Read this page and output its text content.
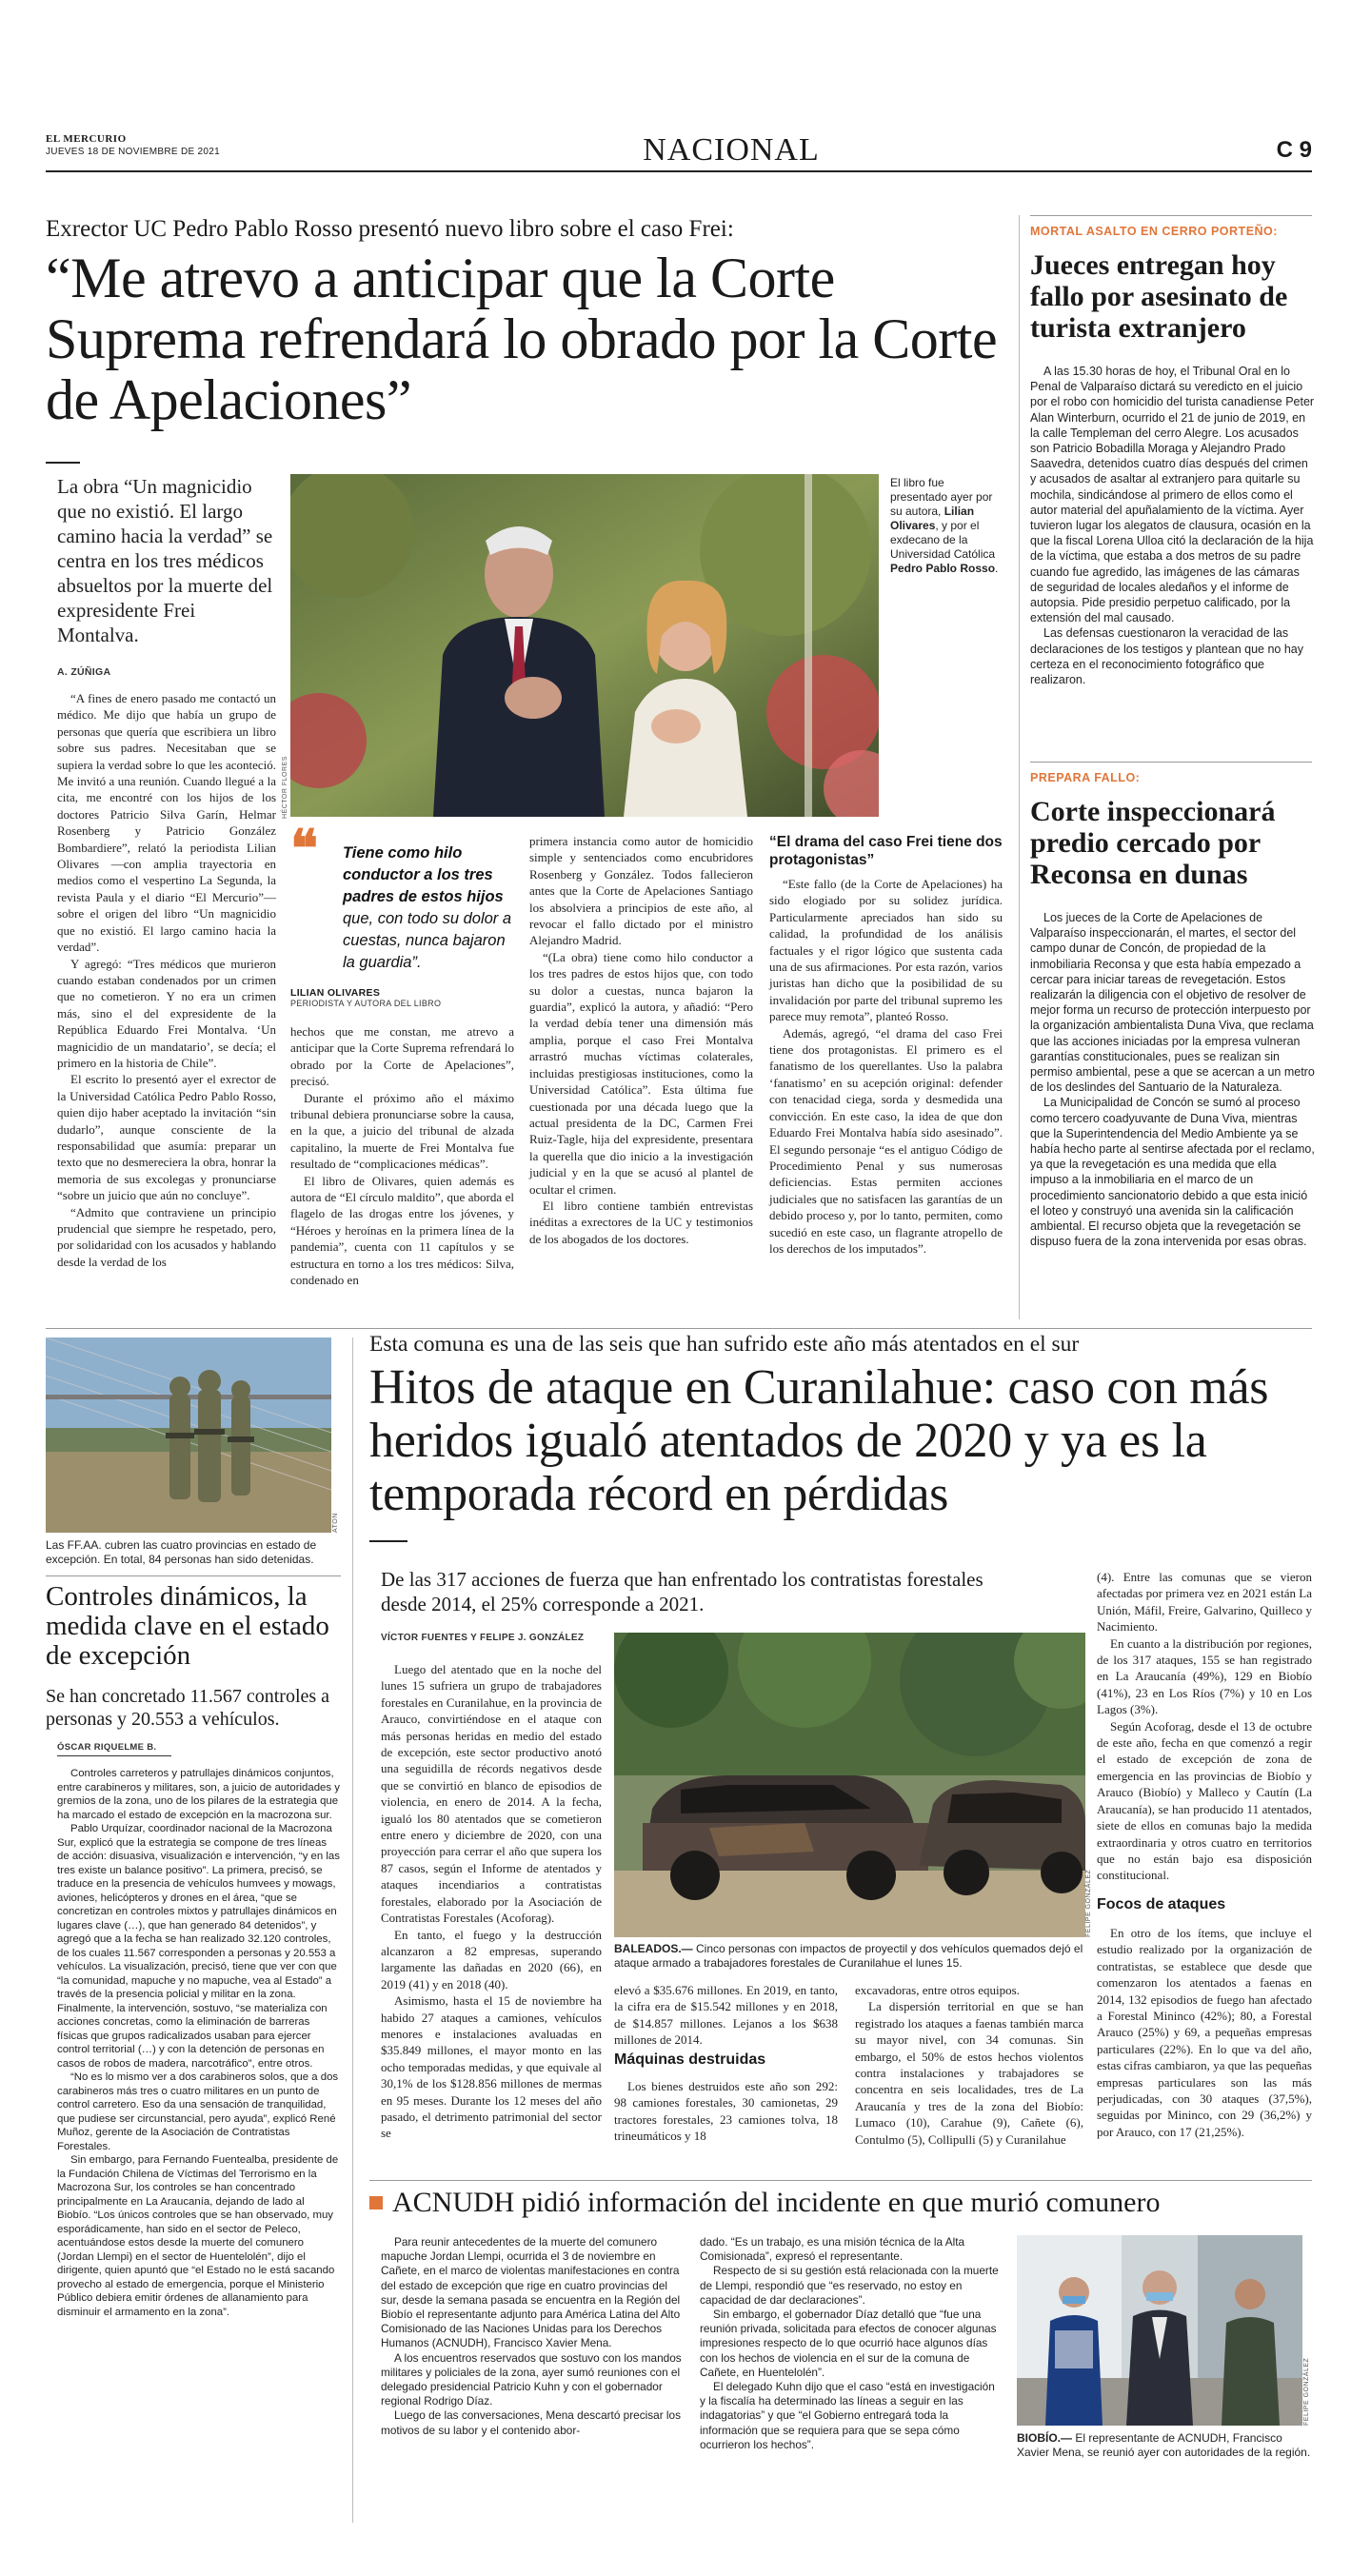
EL MERCURIO
JUEVES 18 DE NOVIEMBRE DE 2021	NACIONAL	C 9
Exrector UC Pedro Pablo Rosso presentó nuevo libro sobre el caso Frei:
“Me atrevo a anticipar que la Corte Suprema refrendará lo obrado por la Corte de Apelaciones”
La obra “Un magnicidio que no existió. El largo camino hacia la verdad” se centra en los tres médicos absueltos por la muerte del expresidente Frei Montalva.
A. ZÚÑIGA
HÉCTOR FLORES
El libro fue presentado ayer por su autora, Lilian Olivares, y por el exdecano de la Universidad Católica Pedro Pablo Rosso.

“A fines de enero pasado me contactó un médico. Me dijo que había un grupo de personas que quería que escribiera un libro sobre sus padres. Necesitaban que se supiera la verdad sobre lo que les aconteció. Me invitó a una reunión. Cuando llegué a la cita, me encontré con los hijos de los doctores Patricio Silva Garín, Helmar Rosenberg y Patricio González Bombardiere”, relató la periodista Lilian Olivares —con amplia trayectoria en medios como el vespertino La Segunda, la revista Paula y el diario “El Mercurio”— sobre el origen del libro “Un magnicidio que no existió. El largo camino hacia la verdad”.

Y agregó: “Tres médicos que murieron cuando estaban condenados por un crimen que no cometieron. Y no era un crimen más, sino el del expresidente de la República Eduardo Frei Montalva. ‘Un magnicidio de un mandatario’, se decía; el primero en la historia de Chile”.

El escrito lo presentó ayer el exrector de la Universidad Católica Pedro Pablo Rosso, quien dijo haber aceptado la invitación “sin dudarlo”, aunque consciente de la responsabilidad que asumía: preparar un texto que no desmereciera la obra, honrar la memoria de sus excolegas y pronunciarse “sobre un juicio que aún no concluye”.

“Admito que contraviene un principio prudencial que siempre he respetado, pero, por solidaridad con los acusados y hablando desde la verdad de los

❝ Tiene como hilo conductor a los tres padres de estos hijos que, con todo su dolor a cuestas, nunca bajaron la guardia”.
LILIAN OLIVARES
PERIODISTA Y AUTORA DEL LIBRO

hechos que me constan, me atrevo a anticipar que la Corte Suprema refrendará lo obrado por la Corte de Apelaciones”, precisó.

Durante el próximo año el máximo tribunal debiera pronunciarse sobre la causa, en la que, a juicio del tribunal de alzada capitalino, la muerte de Frei Montalva fue resultado de “complicaciones médicas”.

El libro de Olivares, quien además es autora de “El círculo maldito”, que aborda el flagelo de las drogas entre los jóvenes, y “Héroes y heroínas en la primera línea de la pandemia”, cuenta con 11 capítulos y se estructura en torno a los tres médicos: Silva, condenado en

primera instancia como autor de homicidio simple y sentenciados como encubridores Rosenberg y González. Todos fallecieron antes que la Corte de Apelaciones Santiago los absolviera a principios de este año, al revocar el fallo dictado por el ministro Alejandro Madrid.

“(La obra) tiene como hilo conductor a los tres padres de estos hijos que, con todo su dolor a cuestas, nunca bajaron la guardia”, explicó la autora, y añadió: “Pero la verdad debía tener una dimensión más amplia, porque el caso Frei Montalva arrastró muchas víctimas colaterales, incluidas prestigiosas instituciones, como la Universidad Católica”. Esta última fue cuestionada por una década luego que la actual presidenta de la DC, Carmen Frei Ruiz-Tagle, hija del expresidente, presentara la querella que dio inicio a la investigación judicial y en la que se acusó al plantel de ocultar el crimen.

El libro contiene también entrevistas inéditas a exrectores de la UC y testimonios de los abogados de los doctores.

“El drama del caso Frei tiene dos protagonistas”

“Este fallo (de la Corte de Apelaciones) ha sido elogiado por su solidez jurídica. Particularmente apreciados han sido su calidad, la profundidad de los análisis factuales y el rigor lógico que sustenta cada una de sus afirmaciones. Por esta razón, varios juristas han dicho que la posibilidad de su invalidación por parte del tribunal supremo les parece muy remota”, planteó Rosso.

Además, agregó, “el drama del caso Frei tiene dos protagonistas. El primero es el fanatismo de los querellantes. Uso la palabra ‘fanatismo’ en su acepción original: defender con tenacidad ciega, sorda y desmedida una convicción. En este caso, la idea de que don Eduardo Frei Montalva había sido asesinado”. El segundo personaje “es el antiguo Código de Procedimiento Penal y sus numerosas deficiencias. Estas permiten acciones judiciales que no satisfacen las garantías de un debido proceso y, por lo tanto, permiten, como sucedió en este caso, un flagrante atropello de los derechos de los imputados”.

MORTAL ASALTO EN CERRO PORTEÑO:
Jueces entregan hoy fallo por asesinato de turista extranjero

A las 15.30 horas de hoy, el Tribunal Oral en lo Penal de Valparaíso dictará su veredicto en el juicio por el robo con homicidio del turista canadiense Peter Alan Winterburn, ocurrido el 21 de junio de 2019, en la calle Templeman del cerro Alegre. Los acusados son Patricio Bobadilla Moraga y Alejandro Prado Saavedra, detenidos cuatro días después del crimen y acusados de asaltar al extranjero para quitarle su mochila, sindicándose al primero de ellos como el autor material del apuñalamiento de la víctima. Ayer tuvieron lugar los alegatos de clausura, ocasión en la que la fiscal Lorena Ulloa citó la declaración de la hija de la víctima, que estaba a dos metros de su padre cuando fue agredido, las imágenes de las cámaras de seguridad de locales aledaños y el informe de autopsia. Pide presidio perpetuo calificado, por la extensión del mal causado.

Las defensas cuestionaron la veracidad de las declaraciones de los testigos y plantean que no hay certeza en el reconocimiento fotográfico que realizaron.

PREPARA FALLO:
Corte inspeccionará predio cercado por Reconsa en dunas

Los jueces de la Corte de Apelaciones de Valparaíso inspeccionarán, el martes, el sector del campo dunar de Concón, de propiedad de la inmobiliaria Reconsa y que esta había empezado a cercar para iniciar tareas de revegetación. Estos realizarán la diligencia con el objetivo de resolver de mejor forma un recurso de protección interpuesto por la organización ambientalista Duna Viva, que reclama que las acciones iniciadas por la empresa vulneran garantías constitucionales, pues se realizan sin permiso ambiental, pese a que se acercan a un metro de los deslindes del Santuario de la Naturaleza.

La Municipalidad de Concón se sumó al proceso como tercero coadyuvante de Duna Viva, mientras que la Superintendencia del Medio Ambiente ya se había hecho parte al sentirse afectada por el reclamo, ya que la revegetación es una medida que ella impuso a la inmobiliaria en el marco de un procedimiento sancionatorio debido a que esta inició el loteo y construyó una avenida sin la calificación ambiental. El recurso objeta que la revegetación se dispuso fuera de la zona intervenida por esas obras.

ATON
Las FF.AA. cubren las cuatro provincias en estado de excepción. En total, 84 personas han sido detenidas.
Controles dinámicos, la medida clave en el estado de excepción
Se han concretado 11.567 controles a personas y 20.553 a vehículos.
ÓSCAR RIQUELME B.

Controles carreteros y patrullajes dinámicos conjuntos, entre carabineros y militares, son, a juicio de autoridades y gremios de la zona, uno de los pilares de la estrategia que ha marcado el estado de excepción en la macrozona sur.

Pablo Urquízar, coordinador nacional de la Macrozona Sur, explicó que la estrategia se compone de tres líneas de acción: disuasiva, visualización e intervención, “y en las tres existe un balance positivo”. La primera, precisó, se traduce en la presencia de vehículos humvees y mowags, aviones, helicópteros y drones en el área, “que se concretizan en controles mixtos y patrullajes dinámicos en lugares clave (…), que han generado 84 detenidos”, y agregó que a la fecha se han realizado 32.120 controles, de los cuales 11.567 corresponden a personas y 20.553 a vehículos. La visualización, precisó, tiene que ver con que “la comunidad, mapuche y no mapuche, vea al Estado” a través de la presencia policial y militar en la zona. Finalmente, la intervención, sostuvo, “se materializa con acciones concretas, como la eliminación de barreras físicas que grupos radicalizados usaban para ejercer control territorial (…) y con la detención de personas en casos de robos de madera, narcotráfico”, entre otros.

“No es lo mismo ver a dos carabineros solos, que a dos carabineros más tres o cuatro militares en un punto de control carretero. Eso da una sensación de tranquilidad, que pudiese ser circunstancial, pero ayuda”, explicó René Muñoz, gerente de la Asociación de Contratistas Forestales.

Sin embargo, para Fernando Fuentealba, presidente de la Fundación Chilena de Víctimas del Terrorismo en la Macrozona Sur, los controles se han concentrado principalmente en La Araucanía, dejando de lado al Biobío. “Los únicos controles que se han observado, muy esporádicamente, han sido en el sector de Peleco, acentuándose estos desde la muerte del comunero (Jordan Llempi) en el sector de Huentelolén”, dijo el dirigente, quien apuntó que “el Estado no le está sacando provecho al estado de emergencia, porque el Ministerio Público debiera emitir órdenes de allanamiento para disminuir el armamento en la zona”.

Esta comuna es una de las seis que han sufrido este año más atentados en el sur
Hitos de ataque en Curanilahue: caso con más heridos igualó atentados de 2020 y ya es la temporada récord en pérdidas
De las 317 acciones de fuerza que han enfrentado los contratistas forestales desde 2014, el 25% corresponde a 2021.
VÍCTOR FUENTES Y FELIPE J. GONZÁLEZ

Luego del atentado que en la noche del lunes 15 sufriera un grupo de trabajadores forestales en Curanilahue, en la provincia de Arauco, convirtiéndose en el ataque con más personas heridas en medio del estado de excepción, este sector productivo anotó una seguidilla de récords negativos desde que se convirtió en blanco de episodios de violencia, en enero de 2014. A la fecha, igualó los 80 atentados que se cometieron entre enero y diciembre de 2020, con una proyección para cerrar el año que supera los 87 casos, según el Informe de atentados y ataques incendiarios a contratistas forestales, elaborado por la Asociación de Contratistas Forestales (Acoforag).

En tanto, el fuego y la destrucción alcanzaron a 82 empresas, superando largamente las dañadas en 2020 (66), en 2019 (41) y en 2018 (40).

Asimismo, hasta el 15 de noviembre ha habido 27 ataques a camiones, vehículos menores e instalaciones avaluadas en $35.849 millones, el mayor monto en las ocho temporadas medidas, y que equivale al 30,1% de los $128.856 millones de mermas en 95 meses. Durante los 12 meses del año pasado, el detrimento patrimonial del sector se

FELIPE GONZÁLEZ
BALEADOS.— Cinco personas con impactos de proyectil y dos vehículos quemados dejó el ataque armado a trabajadores forestales de Curanilahue el lunes 15.

elevó a $35.676 millones. En 2019, en tanto, la cifra era de $15.542 millones y en 2018, de $14.857 millones. Lejanos a los $638 millones de 2014.

Máquinas destruidas

Los bienes destruidos este año son 292: 98 camiones forestales, 30 camionetas, 29 tractores forestales, 23 camiones tolva, 18 trineumáticos y 18

excavadoras, entre otros equipos.

La dispersión territorial en que se han registrado los ataques a faenas también marca su mayor nivel, con 34 comunas. Sin embargo, el 50% de estos hechos violentos contra instalaciones y trabajadores se concentra en seis localidades, tres de La Araucanía y tres de la zona del Biobío: Lumaco (10), Carahue (9), Cañete (6), Contulmo (5), Collipulli (5) y Curanilahue

(4). Entre las comunas que se vieron afectadas por primera vez en 2021 están La Unión, Máfil, Freire, Galvarino, Quilleco y Nacimiento.

En cuanto a la distribución por regiones, de los 317 ataques, 155 se han registrado en La Araucanía (49%), 129 en Biobío (41%), 23 en Los Ríos (7%) y 10 en Los Lagos (3%).

Según Acoforag, desde el 13 de octubre de este año, fecha en que comenzó a regir el estado de excepción de zona de emergencia en las provincias de Biobío y Arauco (Biobío) y Malleco y Cautín (La Araucanía), se han producido 11 atentados, siete de ellos en comunas bajo la medida extraordinaria y otros cuatro en territorios que no están bajo esa disposición constitucional.

Focos de ataques

En otro de los ítems, que incluye el estudio realizado por la organización de contratistas, se establece que desde que comenzaron los atentados a faenas en 2014, 132 episodios de fuego han afectado a Forestal Mininco (42%); 80, a Forestal Arauco (25%) y 69, a pequeñas empresas particulares (22%). En lo que va del año, estas cifras cambiaron, ya que las pequeñas empresas particulares son las más perjudicadas, con 30 ataques (37,5%), seguidas por Mininco, con 29 (36,2%) y por Arauco, con 17 (21,25%).

ACNUDH pidió información del incidente en que murió comunero

Para reunir antecedentes de la muerte del comunero mapuche Jordan Llempi, ocurrida el 3 de noviembre en Cañete, en el marco de violentas manifestaciones en contra del estado de excepción que rige en cuatro provincias del sur, desde la semana pasada se encuentra en la Región del Biobío el representante adjunto para América Latina del Alto Comisionado de las Naciones Unidas para los Derechos Humanos (ACNUDH), Francisco Xavier Mena.

A los encuentros reservados que sostuvo con los mandos militares y policiales de la zona, ayer sumó reuniones con el delegado presidencial Patricio Kuhn y con el gobernador regional Rodrigo Díaz.

Luego de las conversaciones, Mena descartó precisar los motivos de su labor y el contenido abor-

dado. “Es un trabajo, es una misión técnica de la Alta Comisionada”, expresó el representante.

Respecto de si su gestión está relacionada con la muerte de Llempi, respondió que “es reservado, no estoy en capacidad de dar declaraciones”.

Sin embargo, el gobernador Díaz detalló que “fue una reunión privada, solicitada para efectos de conocer algunas impresiones respecto de lo que ocurrió hace algunos días con los hechos de violencia en el sur de la comuna de Cañete, en Huentelolén”.

El delegado Kuhn dijo que el caso “está en investigación y la fiscalía ha determinado las líneas a seguir en las indagatorias” y que “el Gobierno entregará toda la información que se requiera para que se sepa cómo ocurrieron los hechos”.

FELIPE GONZÁLEZ
BIOBÍO.— El representante de ACNUDH, Francisco Xavier Mena, se reunió ayer con autoridades de la región.
